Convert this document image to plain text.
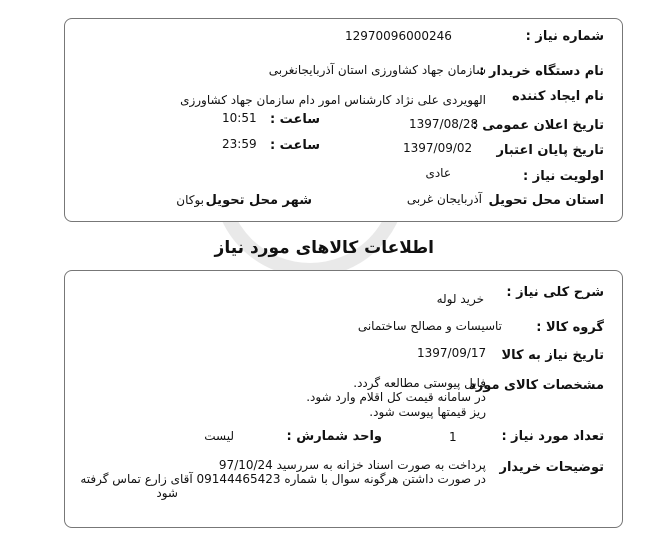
شماره نیاز :
12970096000246
نام دستگاه خریدار :
سازمان جهاد کشاورزی استان آذربایجانغربی
نام ایجاد کننده
الهویردی علی نژاد کارشناس امور دام سازمان جهاد کشاورزی
تاریخ اعلان عمومی :
1397/08/28
ساعت :
10:51
تاریخ پایان اعتبار
1397/09/02
ساعت :
23:59
اولویت نیاز :
عادی
استان محل تحویل
آذربایجان غربی
شهر محل تحویل
بوکان
اطلاعات کالاهای مورد نیاز
شرح کلی نیاز :
خرید لوله
گروه کالا :
تاسیسات و مصالح ساختمانی
تاریخ نیاز به کالا
1397/09/17
مشخصات کالای مورد
فایل پیوستی مطالعه گردد.
در سامانه قیمت کل اقلام وارد شود.
ریز قیمتها پیوست شود.
تعداد مورد نیاز :
1
واحد شمارش :
لیست
توضیحات خریدار
پرداخت به صورت اسناد خزانه به سررسید 97/10/24
در صورت داشتن هرگونه سوال با شماره 09144465423 آقای زارع تماس گرفته
شود
